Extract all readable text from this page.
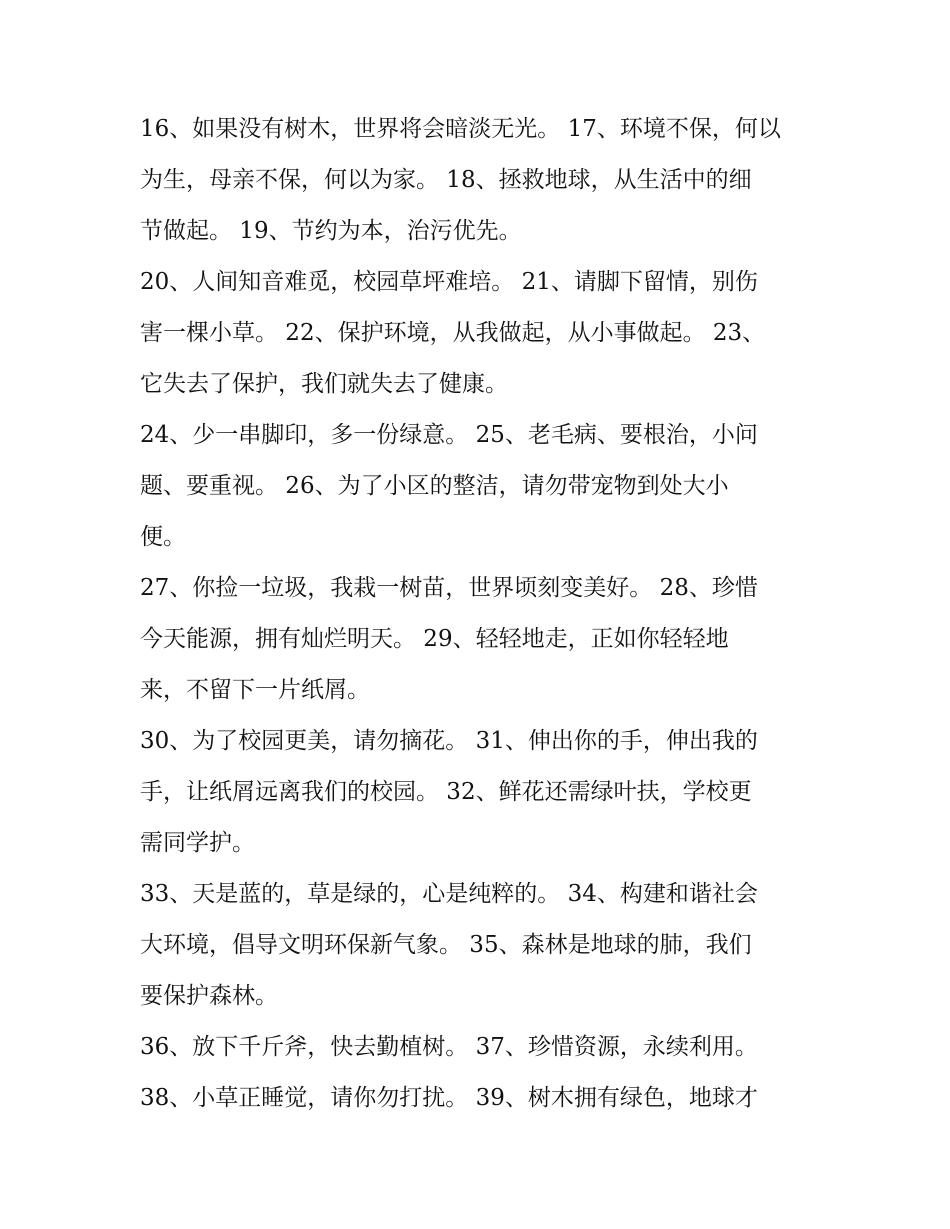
16、如果没有树木，世界将会暗淡无光。 17、环境不保，何以
为生，母亲不保，何以为家。 18、拯救地球，从生活中的细
节做起。 19、节约为本，治污优先。
20、人间知音难觅，校园草坪难培。 21、请脚下留情，别伤
害一棵小草。 22、保护环境，从我做起，从小事做起。 23、
它失去了保护，我们就失去了健康。
24、少一串脚印，多一份绿意。 25、老毛病、要根治，小问
题、要重视。 26、为了小区的整洁，请勿带宠物到处大小
便。
27、你捡一垃圾，我栽一树苗，世界顷刻变美好。 28、珍惜
今天能源，拥有灿烂明天。 29、轻轻地走，正如你轻轻地
来，不留下一片纸屑。
30、为了校园更美，请勿摘花。 31、伸出你的手，伸出我的
手，让纸屑远离我们的校园。 32、鲜花还需绿叶扶，学校更
需同学护。
33、天是蓝的，草是绿的，心是纯粹的。 34、构建和谐社会
大环境，倡导文明环保新气象。 35、森林是地球的肺，我们
要保护森林。
36、放下千斤斧，快去勤植树。 37、珍惜资源，永续利用。
38、小草正睡觉，请你勿打扰。 39、树木拥有绿色，地球才
